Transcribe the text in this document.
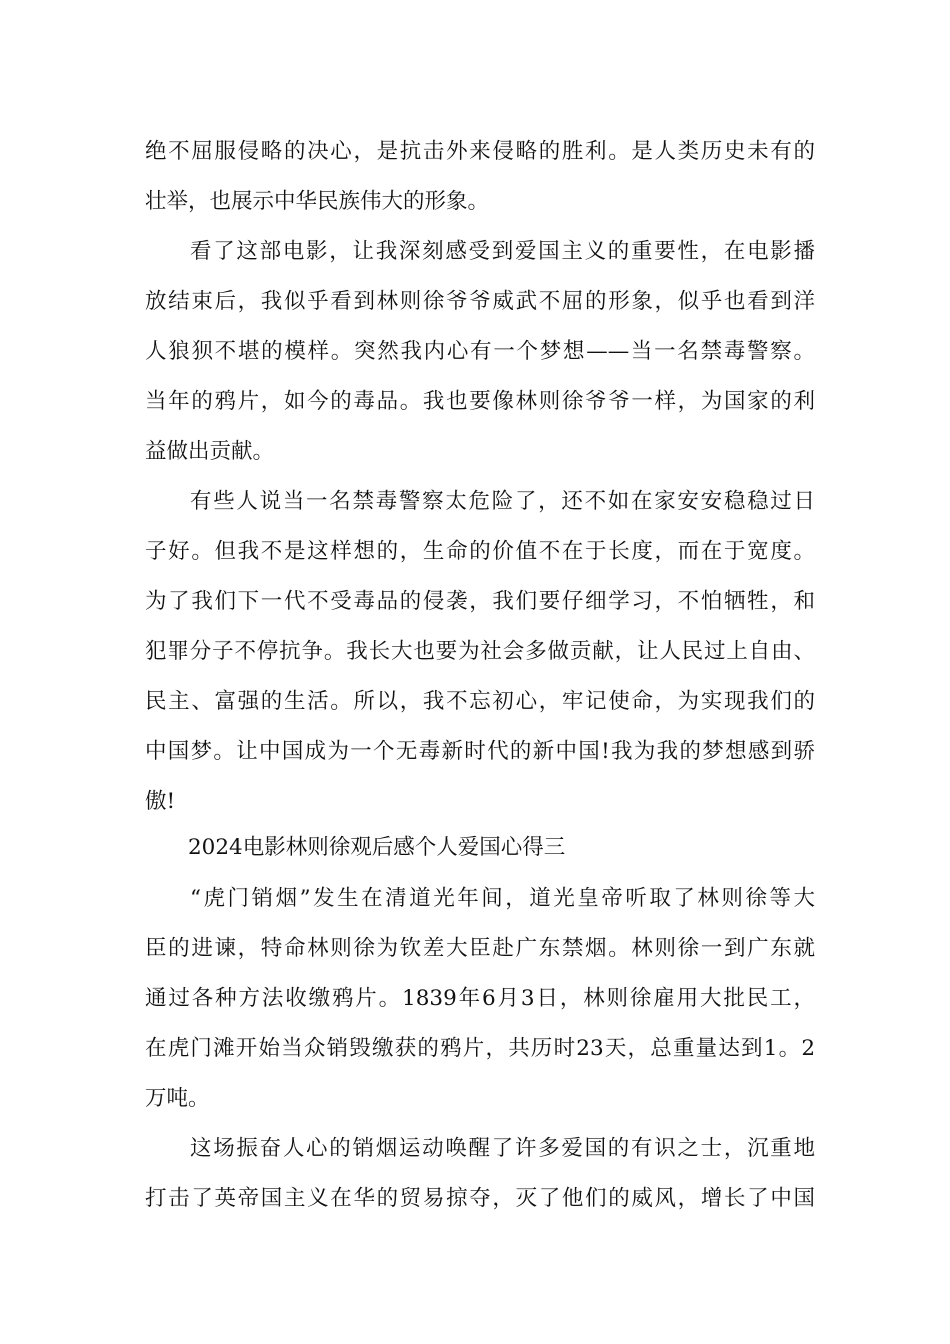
绝不屈服侵略的决心，是抗击外来侵略的胜利。是人类历史未有的
壮举，也展示中华民族伟大的形象。
看了这部电影，让我深刻感受到爱国主义的重要性，在电影播
放结束后，我似乎看到林则徐爷爷威武不屈的形象，似乎也看到洋
人狼狈不堪的模样。突然我内心有一个梦想——当一名禁毒警察。
当年的鸦片，如今的毒品。我也要像林则徐爷爷一样，为国家的利
益做出贡献。
有些人说当一名禁毒警察太危险了，还不如在家安安稳稳过日
子好。但我不是这样想的，生命的价值不在于长度，而在于宽度。
为了我们下一代不受毒品的侵袭，我们要仔细学习，不怕牺牲，和
犯罪分子不停抗争。我长大也要为社会多做贡献，让人民过上自由、
民主、富强的生活。所以，我不忘初心，牢记使命，为实现我们的
中国梦。让中国成为一个无毒新时代的新中国!我为我的梦想感到骄
傲!
2024电影林则徐观后感个人爱国心得三
“虎门销烟”发生在清道光年间，道光皇帝听取了林则徐等大
臣的进谏，特命林则徐为钦差大臣赴广东禁烟。林则徐一到广东就
通过各种方法收缴鸦片。1839年6月3日，林则徐雇用大批民工，
在虎门滩开始当众销毁缴获的鸦片，共历时23天，总重量达到1。2
万吨。
这场振奋人心的销烟运动唤醒了许多爱国的有识之士，沉重地
打击了英帝国主义在华的贸易掠夺，灭了他们的威风，增长了中国
